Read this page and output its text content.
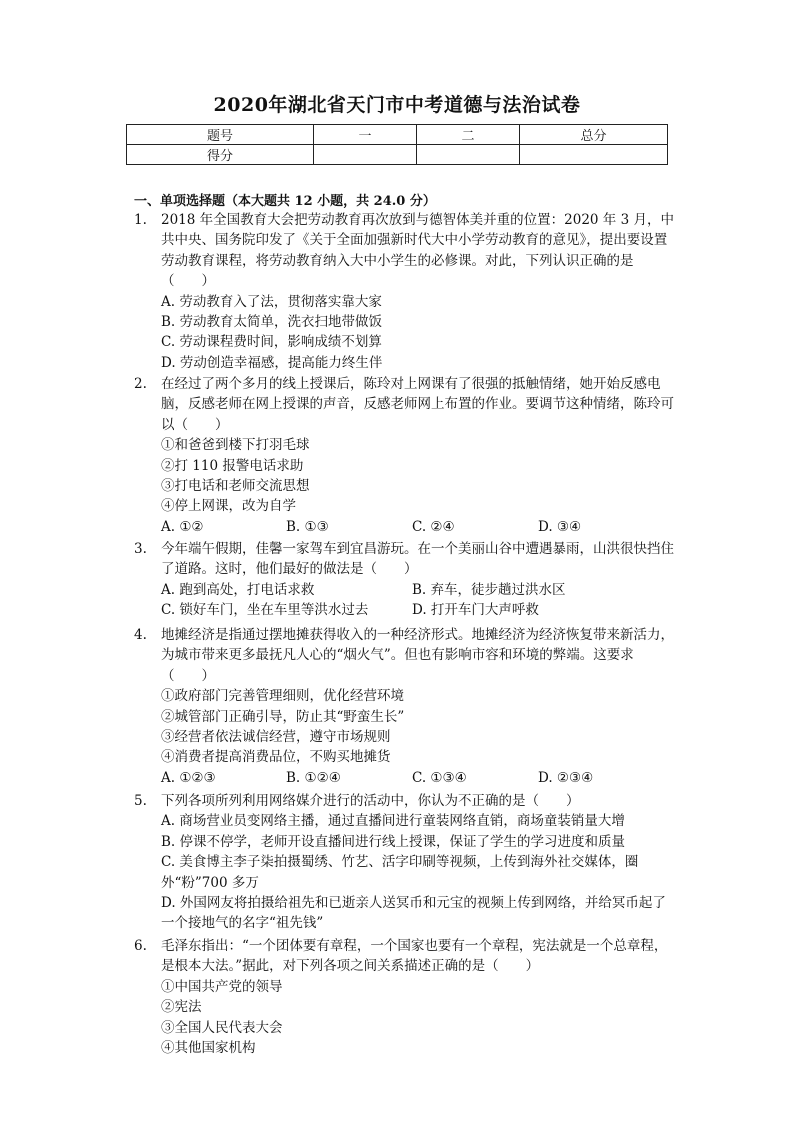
2020年湖北省天门市中考道德与法治试卷
题号	一	二	总分
得分			
一、单项选择题（本大题共 12 小题，共 24.0 分）
1.	2018 年全国教育大会把劳动教育再次放到与德智体美并重的位置：2020 年 3 月，中共中央、国务院印发了《关于全面加强新时代大中小学劳动教育的意见》，提出要设置劳动教育课程，将劳动教育纳入大中小学生的必修课。对此，下列认识正确的是（　　）
A. 劳动教育入了法，贯彻落实靠大家
B. 劳动教育太简单，洗衣扫地带做饭
C. 劳动课程费时间，影响成绩不划算
D. 劳动创造幸福感，提高能力终生伴
2.	在经过了两个多月的线上授课后，陈玲对上网课有了很强的抵触情绪，她开始反感电脑，反感老师在网上授课的声音，反感老师网上布置的作业。要调节这种情绪，陈玲可以（　　）
①和爸爸到楼下打羽毛球
②打 110 报警电话求助
③打电话和老师交流思想
④停上网课，改为自学
A. ①②	B. ①③	C. ②④	D. ③④
3.	今年端午假期，佳馨一家驾车到宜昌游玩。在一个美丽山谷中遭遇暴雨，山洪很快挡住了道路。这时，他们最好的做法是（　　）
A. 跑到高处，打电话求救	B. 弃车，徒步趟过洪水区
C. 锁好车门，坐在车里等洪水过去	D. 打开车门大声呼救
4.	地摊经济是指通过摆地摊获得收入的一种经济形式。地摊经济为经济恢复带来新活力，为城市带来更多最抚凡人心的“烟火气”。但也有影响市容和环境的弊端。这要求（　　）
①政府部门完善管理细则，优化经营环境
②城管部门正确引导，防止其“野蛮生长”
③经营者依法诚信经营，遵守市场规则
④消费者提高消费品位，不购买地摊货
A. ①②③	B. ①②④	C. ①③④	D. ②③④
5.	下列各项所列利用网络媒介进行的活动中，你认为不正确的是（　　）
A. 商场营业员变网络主播，通过直播间进行童装网络直销，商场童装销量大增
B. 停课不停学，老师开设直播间进行线上授课，保证了学生的学习进度和质量
C. 美食博主李子柒拍摄蜀绣、竹艺、活字印刷等视频，上传到海外社交媒体，圈外“粉”700 多万
D. 外国网友将拍摄给祖先和已逝亲人送冥币和元宝的视频上传到网络，并给冥币起了一个接地气的名字“祖先钱”
6.	毛泽东指出：“一个团体要有章程，一个国家也要有一个章程，宪法就是一个总章程，是根本大法。”据此，对下列各项之间关系描述正确的是（　　）
①中国共产党的领导
②宪法
③全国人民代表大会
④其他国家机构
